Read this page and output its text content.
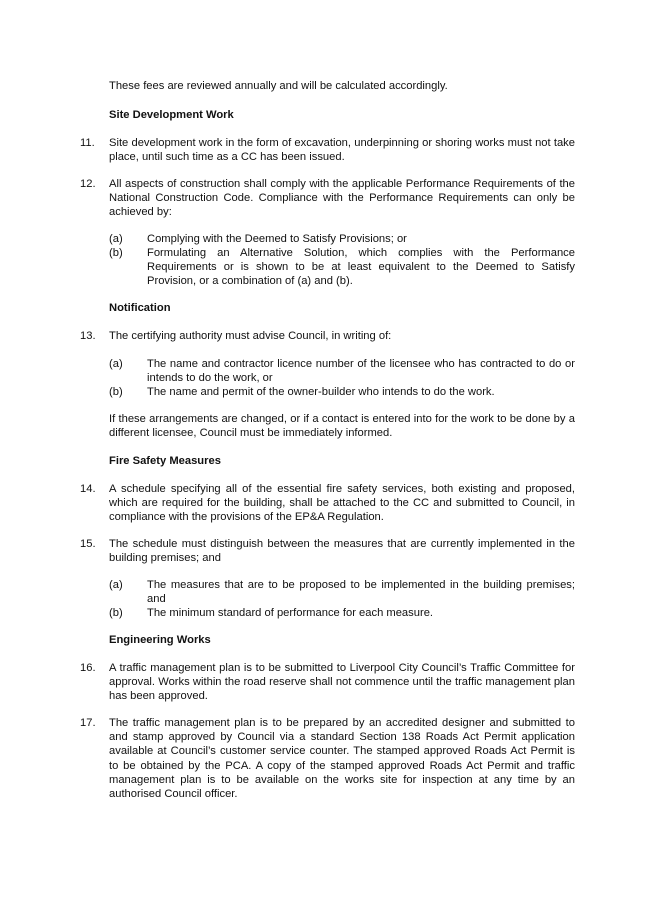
These fees are reviewed annually and will be calculated accordingly.
Site Development Work
11. Site development work in the form of excavation, underpinning or shoring works must not take place, until such time as a CC has been issued.
12. All aspects of construction shall comply with the applicable Performance Requirements of the National Construction Code. Compliance with the Performance Requirements can only be achieved by:
(a) Complying with the Deemed to Satisfy Provisions; or
(b) Formulating an Alternative Solution, which complies with the Performance Requirements or is shown to be at least equivalent to the Deemed to Satisfy Provision, or a combination of (a) and (b).
Notification
13. The certifying authority must advise Council, in writing of:
(a) The name and contractor licence number of the licensee who has contracted to do or intends to do the work, or
(b) The name and permit of the owner-builder who intends to do the work.
If these arrangements are changed, or if a contact is entered into for the work to be done by a different licensee, Council must be immediately informed.
Fire Safety Measures
14. A schedule specifying all of the essential fire safety services, both existing and proposed, which are required for the building, shall be attached to the CC and submitted to Council, in compliance with the provisions of the EP&A Regulation.
15. The schedule must distinguish between the measures that are currently implemented in the building premises; and
(a) The measures that are to be proposed to be implemented in the building premises; and
(b) The minimum standard of performance for each measure.
Engineering Works
16. A traffic management plan is to be submitted to Liverpool City Council’s Traffic Committee for approval. Works within the road reserve shall not commence until the traffic management plan has been approved.
17. The traffic management plan is to be prepared by an accredited designer and submitted to and stamp approved by Council via a standard Section 138 Roads Act Permit application available at Council’s customer service counter. The stamped approved Roads Act Permit is to be obtained by the PCA. A copy of the stamped approved Roads Act Permit and traffic management plan is to be available on the works site for inspection at any time by an authorised Council officer.
